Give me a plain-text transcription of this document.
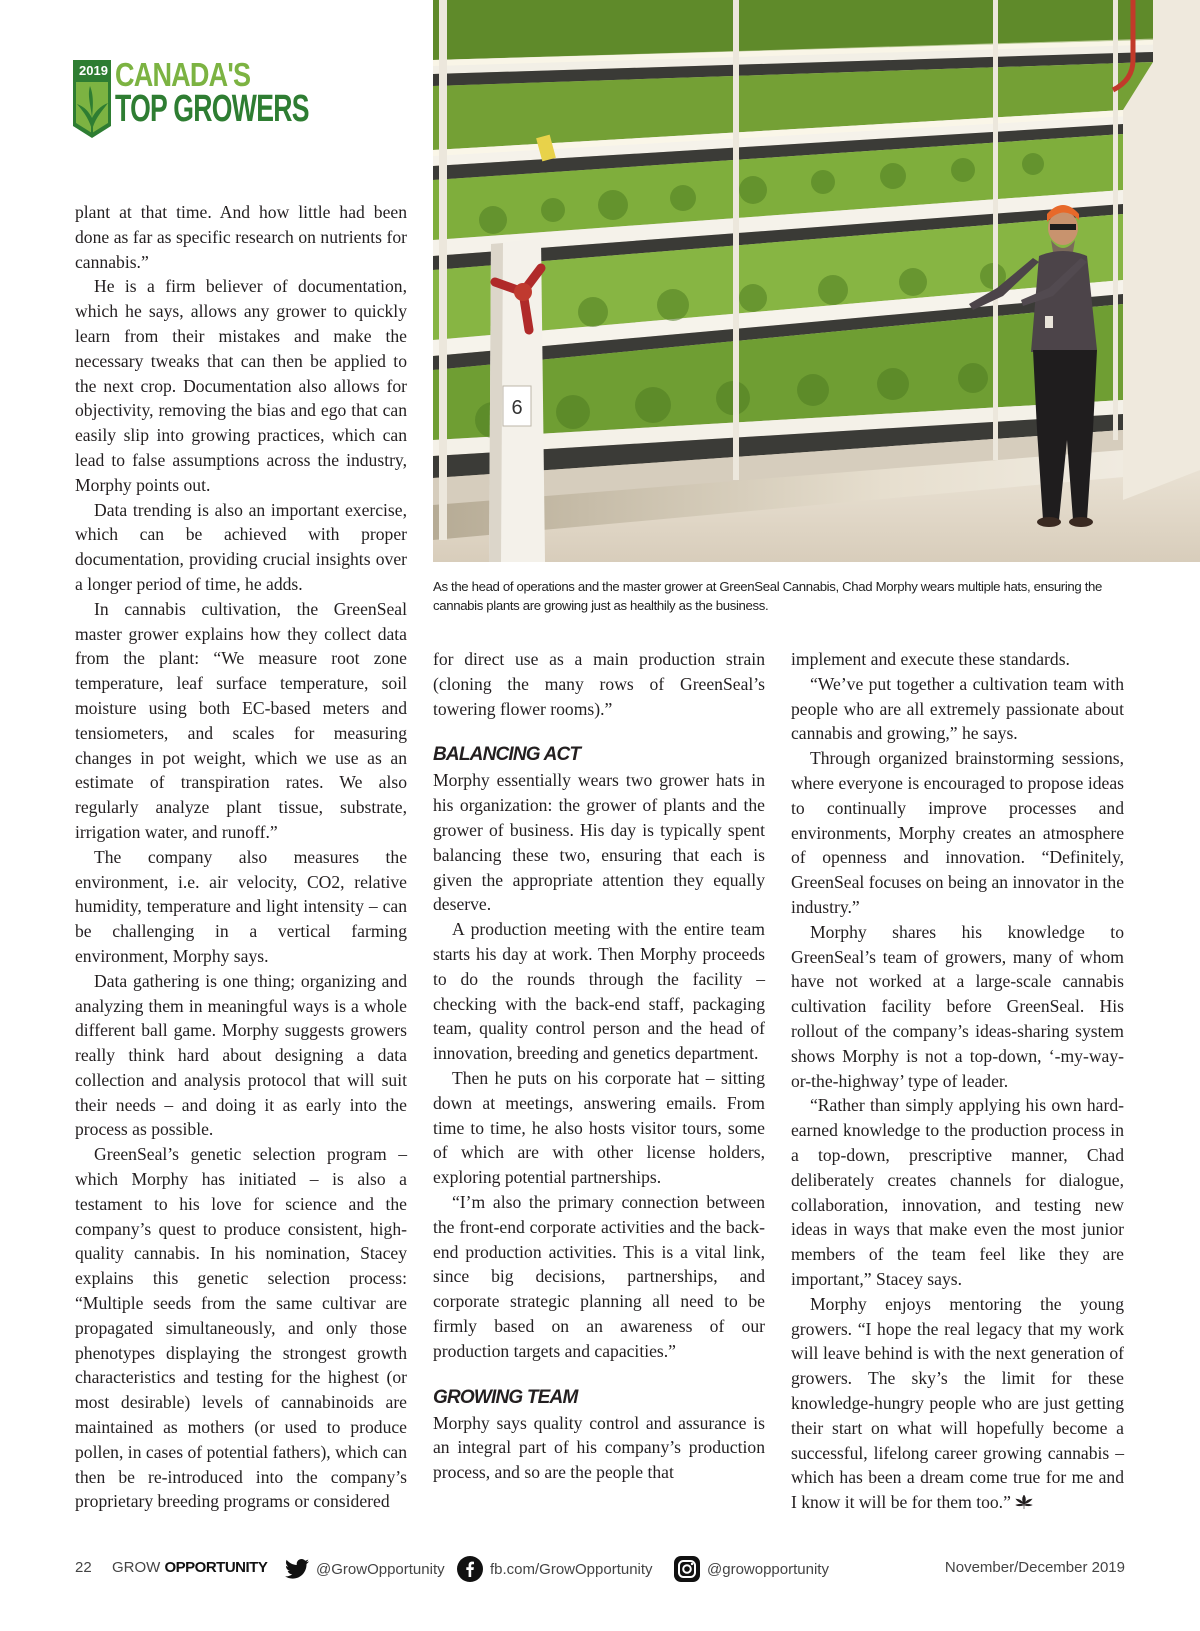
2019 CANADA'S
TOP GROWERS
6
As the head of operations and the master grower at GreenSeal Cannabis, Chad Morphy wears multiple hats, ensuring the cannabis plants are growing just as healthily as the business.

plant at that time. And how little had been done as far as specific research on nutrients for cannabis.”

He is a firm believer of documentation, which he says, allows any grower to quickly learn from their mistakes and make the necessary tweaks that can then be applied to the next crop. Documentation also allows for objectivity, removing the bias and ego that can easily slip into growing practices, which can lead to false assumptions across the industry, Morphy points out.

Data trending is also an important exercise, which can be achieved with proper documentation, providing crucial insights over a longer period of time, he adds.

In cannabis cultivation, the GreenSeal master grower explains how they collect data from the plant: “We measure root zone temperature, leaf surface temperature, soil moisture using both EC-based meters and tensiometers, and scales for measuring changes in pot weight, which we use as an estimate of transpiration rates. We also regularly analyze plant tissue, substrate, irrigation water, and runoff.”

The company also measures the environment, i.e. air velocity, CO2, relative humidity, temperature and light intensity – can be challenging in a vertical farming environment, Morphy says.

Data gathering is one thing; organizing and analyzing them in meaningful ways is a whole different ball game. Morphy suggests growers really think hard about designing a data collection and analysis protocol that will suit their needs – and doing it as early into the process as possible.

GreenSeal’s genetic selection program – which Morphy has initiated – is also a testament to his love for science and the company’s quest to produce consistent, high-quality cannabis. In his nomination, Stacey explains this genetic selection process: “Multiple seeds from the same cultivar are propagated simultaneously, and only those phenotypes displaying the strongest growth characteristics and testing for the highest (or most desirable) levels of cannabinoids are maintained as mothers (or used to produce pollen, in cases of potential fathers), which can then be re-introduced into the company’s proprietary breeding programs or considered

for direct use as a main production strain (cloning the many rows of GreenSeal’s towering flower rooms).”

BALANCING ACT

Morphy essentially wears two grower hats in his organization: the grower of plants and the grower of business. His day is typically spent balancing these two, ensuring that each is given the appropriate attention they equally deserve.

A production meeting with the entire team starts his day at work. Then Morphy proceeds to do the rounds through the facility – checking with the back-end staff, packaging team, quality control person and the head of innovation, breeding and genetics department.

Then he puts on his corporate hat – sitting down at meetings, answering emails. From time to time, he also hosts visitor tours, some of which are with other license holders, exploring potential partnerships.

“I’m also the primary connection between the front-end corporate activities and the back-end production activities. This is a vital link, since big decisions, partnerships, and corporate strategic planning all need to be firmly based on an awareness of our production targets and capacities.”

GROWING TEAM

Morphy says quality control and assurance is an integral part of his company’s production process, and so are the people that

implement and execute these standards.

“We’ve put together a cultivation team with people who are all extremely passionate about cannabis and growing,” he says.

Through organized brainstorming sessions, where everyone is encouraged to propose ideas to continually improve processes and environments, Morphy creates an atmosphere of openness and innovation. “Definitely, GreenSeal focuses on being an innovator in the industry.”

Morphy shares his knowledge to GreenSeal’s team of growers, many of whom have not worked at a large-scale cannabis cultivation facility before GreenSeal. His rollout of the company’s ideas-sharing system shows Morphy is not a top-down, ‘-my-way-or-the-highway’ type of leader.

“Rather than simply applying his own hard-earned knowledge to the production process in a top-down, prescriptive manner, Chad deliberately creates channels for dialogue, collaboration, innovation, and testing new ideas in ways that make even the most junior members of the team feel like they are important,” Stacey says.

Morphy enjoys mentoring the young growers. “I hope the real legacy that my work will leave behind is with the next generation of growers. The sky’s the limit for these knowledge-hungry people who are just getting their start on what will hopefully become a successful, lifelong career growing cannabis – which has been a dream come true for me and I know it will be for them too.”

22 GROW OPPORTUNITY	@GrowOpportunity	fb.com/GrowOpportunity	@growopportunity	November/December 2019
